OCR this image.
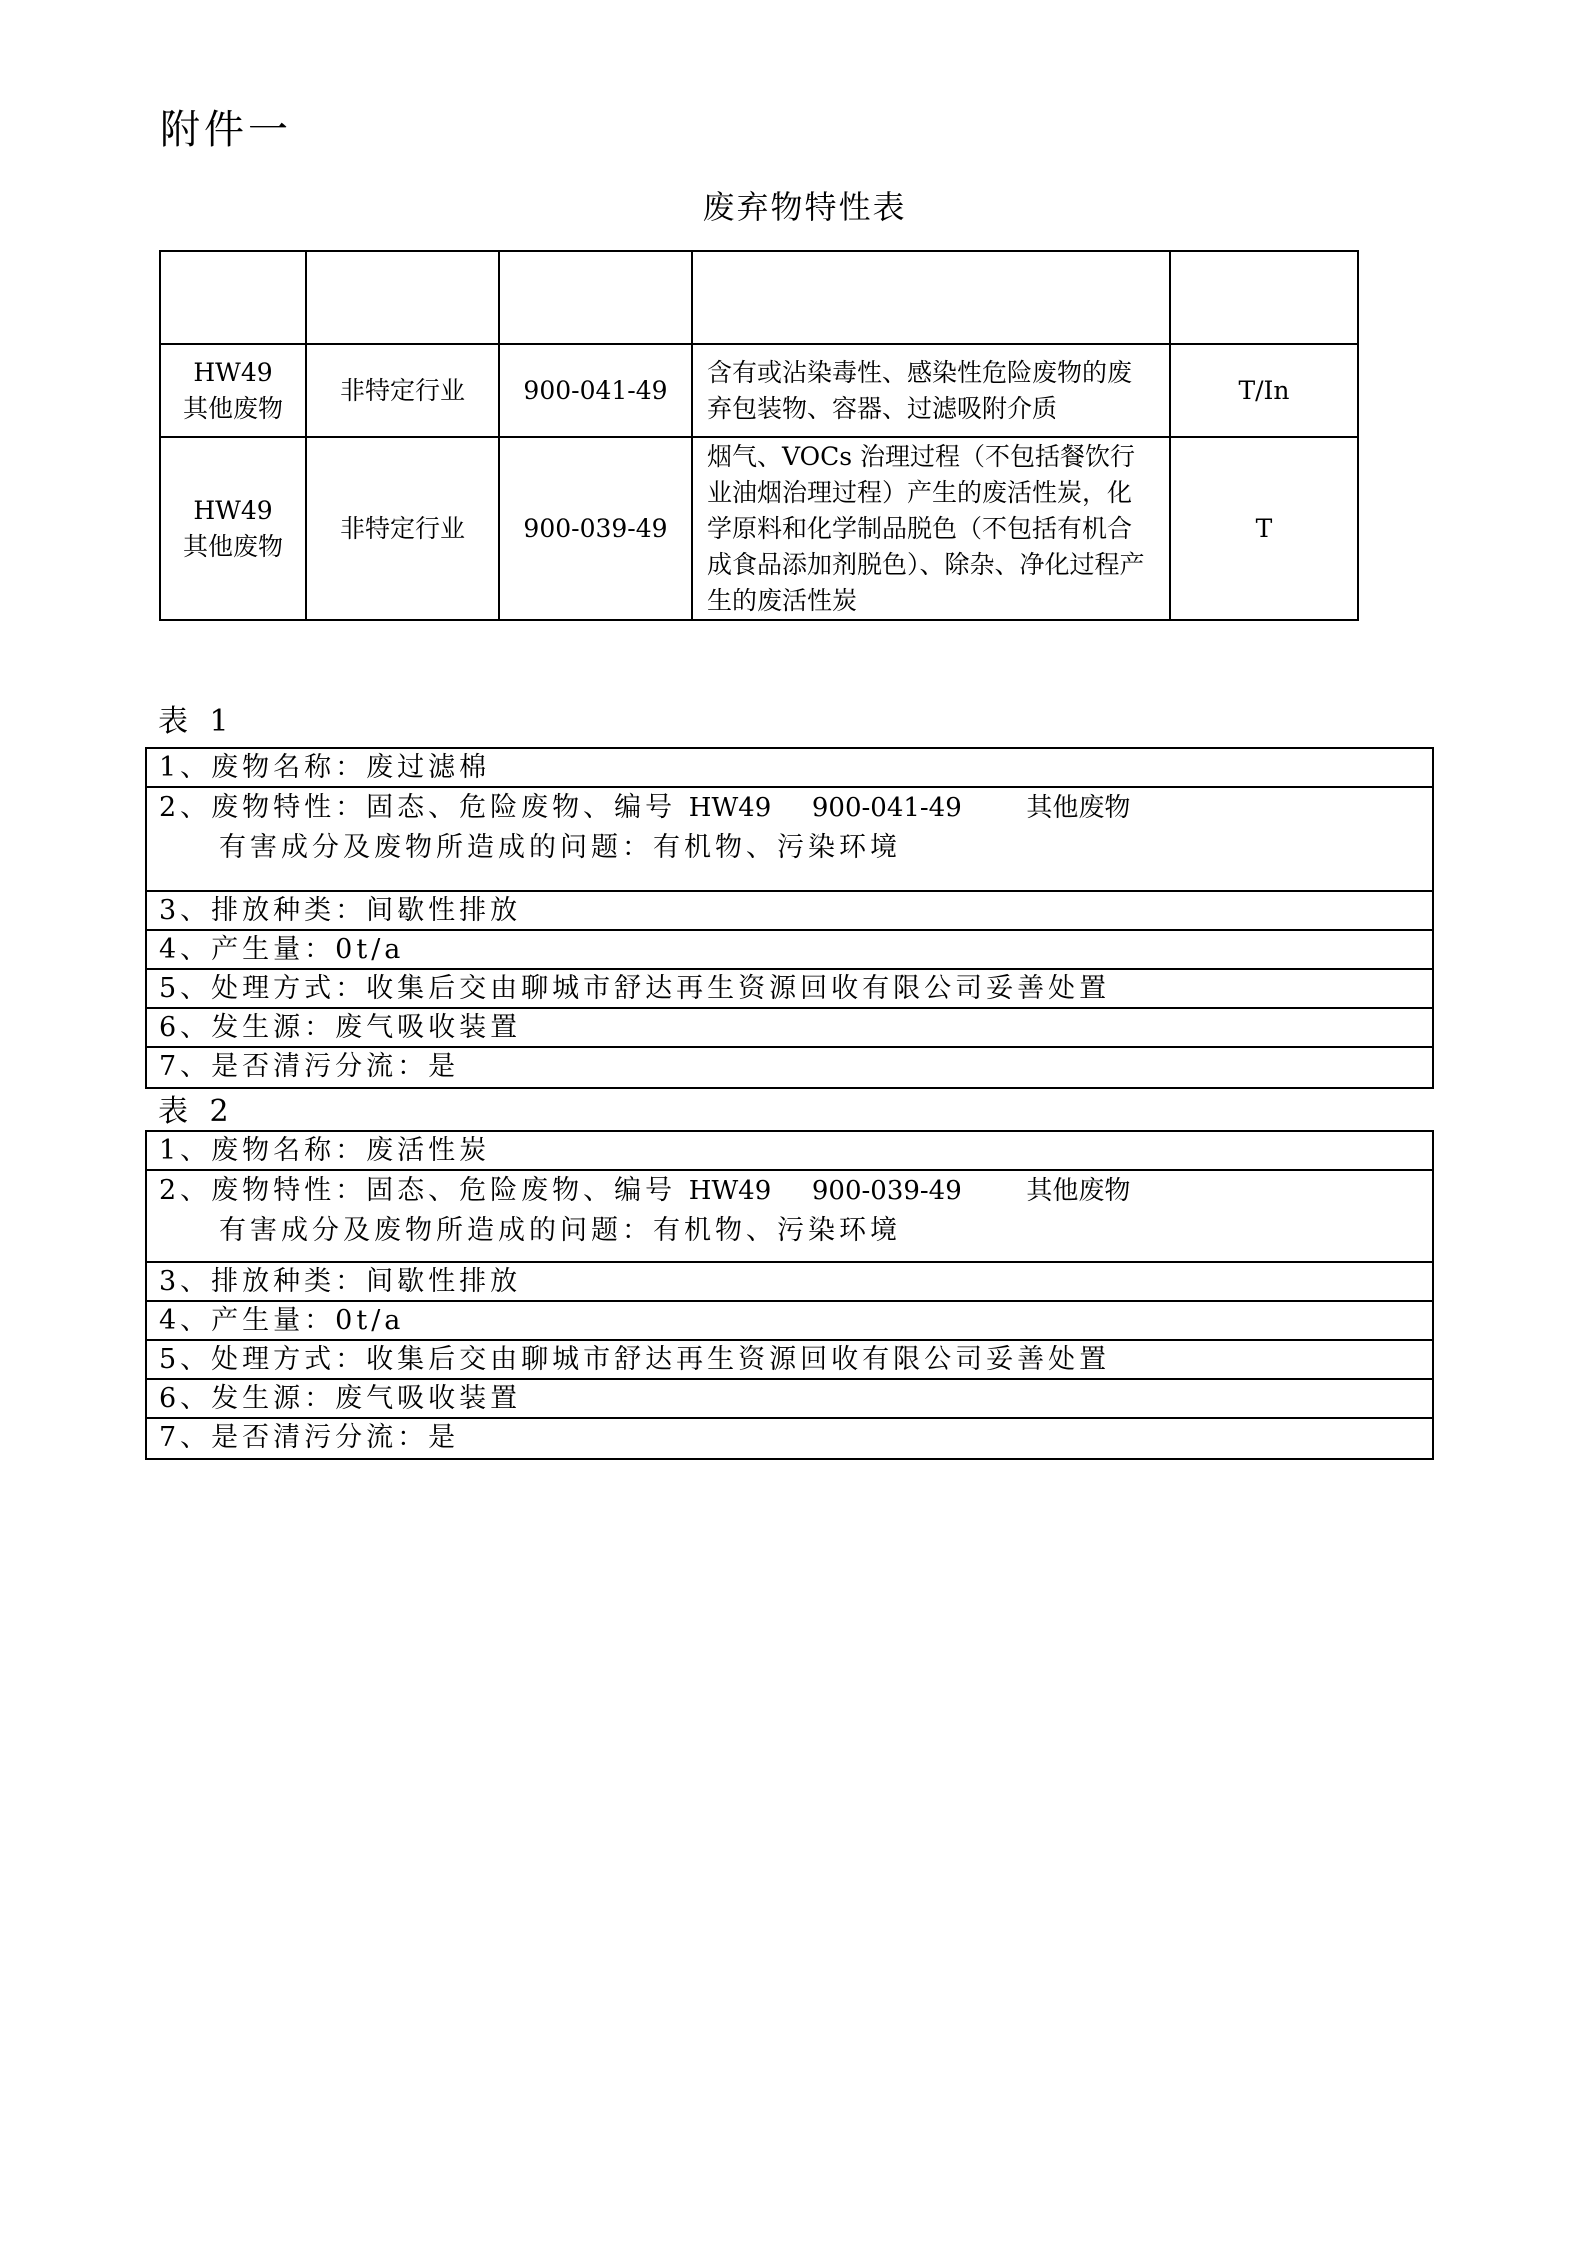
附件一
废弃物特性表

HW49
其他废物	非特定行业	900-041-49	含有或沾染毒性、感染性危险废物的废弃包装物、容器、过滤吸附介质	T/In

HW49
其他废物	非特定行业	900-039-49	烟气、VOCs 治理过程（不包括餐饮行业油烟治理过程）产生的废活性炭，化学原料和化学制品脱色（不包括有机合成食品添加剂脱色）、除杂、净化过程产生的废活性炭	T
表 1
1、废物名称：废过滤棉
2、废物特性：固态、危险废物、编号 HW49 900-041-49 其他废物
有害成分及废物所造成的问题：有机物、污染环境
3、排放种类：间歇性排放
4、产生量：0t/a
5、处理方式：收集后交由聊城市舒达再生资源回收有限公司妥善处置
6、发生源：废气吸收装置
7、是否清污分流：是
表 2
1、废物名称：废活性炭
2、废物特性：固态、危险废物、编号 HW49 900-039-49 其他废物
有害成分及废物所造成的问题：有机物、污染环境
3、排放种类：间歇性排放
4、产生量：0t/a
5、处理方式：收集后交由聊城市舒达再生资源回收有限公司妥善处置
6、发生源：废气吸收装置
7、是否清污分流：是
